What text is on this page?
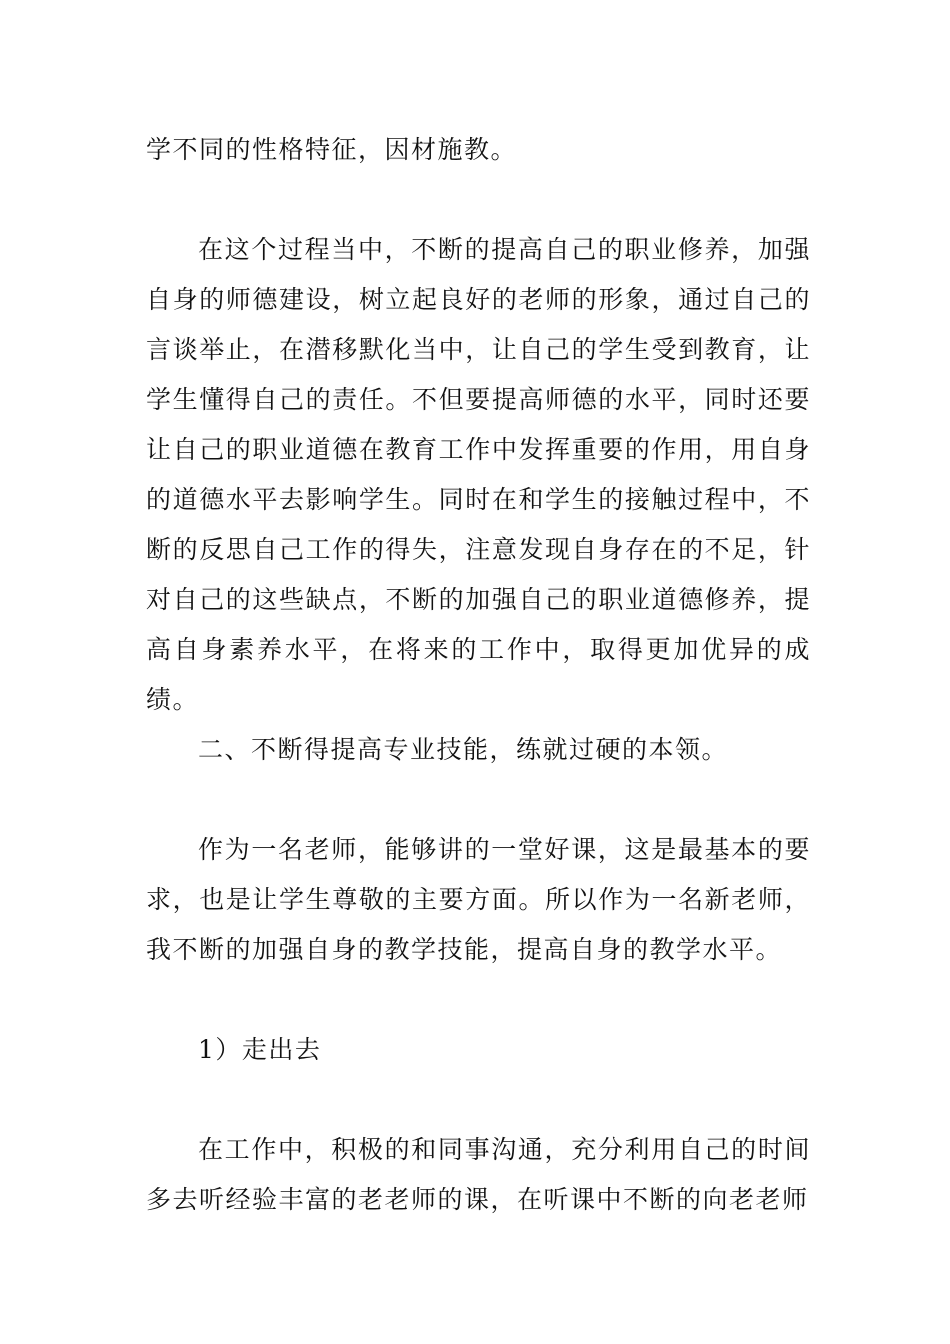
学不同的性格特征，因材施教。

在这个过程当中，不断的提高自己的职业修养，加强自身的师德建设，树立起良好的老师的形象，通过自己的言谈举止，在潜移默化当中，让自己的学生受到教育，让学生懂得自己的责任。不但要提高师德的水平，同时还要让自己的职业道德在教育工作中发挥重要的作用，用自身的道德水平去影响学生。同时在和学生的接触过程中，不断的反思自己工作的得失，注意发现自身存在的不足，针对自己的这些缺点，不断的加强自己的职业道德修养，提高自身素养水平，在将来的工作中，取得更加优异的成绩。

二、不断得提高专业技能，练就过硬的本领。

作为一名老师，能够讲的一堂好课，这是最基本的要求，也是让学生尊敬的主要方面。所以作为一名新老师，我不断的加强自身的教学技能，提高自身的教学水平。

1）走出去

在工作中，积极的和同事沟通，充分利用自己的时间多去听经验丰富的老老师的课，在听课中不断的向老老师
